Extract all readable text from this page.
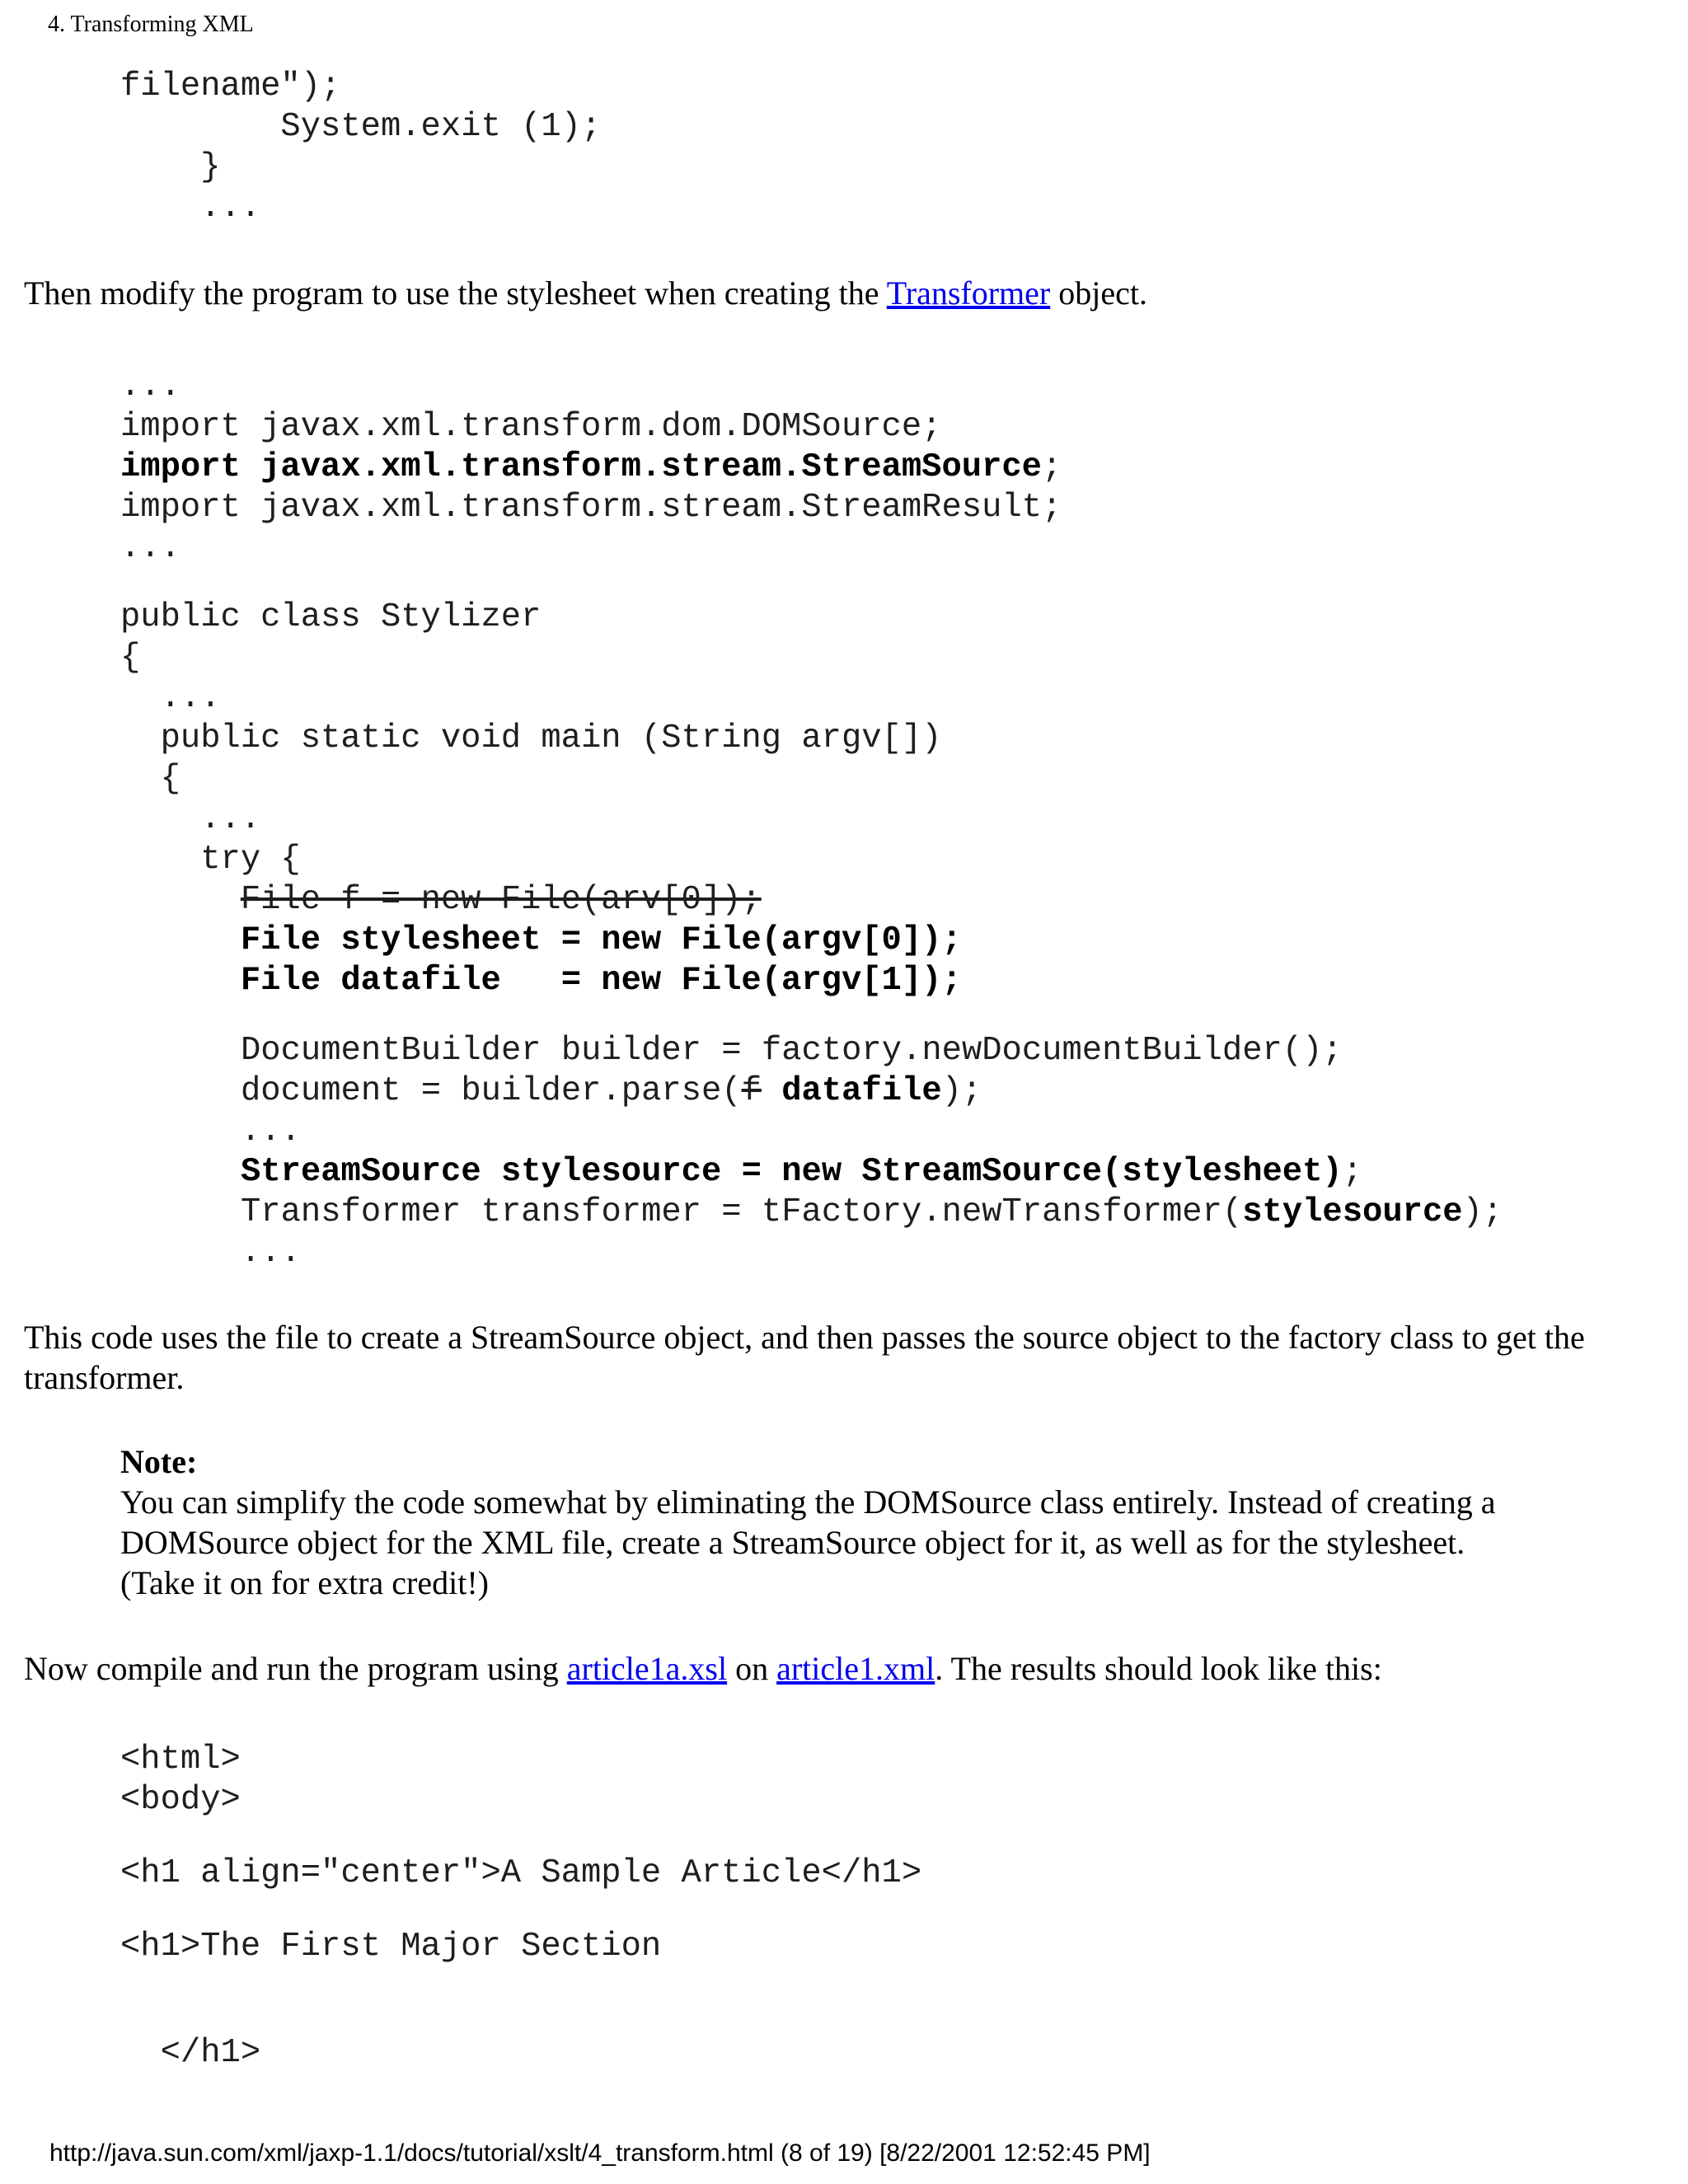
4. Transforming XML
filename");
System.exit (1);
}
...
Then modify the program to use the stylesheet when creating the Transformer object.
...
import javax.xml.transform.dom.DOMSource;
import javax.xml.transform.stream.StreamSource;
import javax.xml.transform.stream.StreamResult;
...
public class Stylizer
{
...
public static void main (String argv[])
{
...
try {
File f = new File(arv[0]);
File stylesheet = new File(argv[0]);
File datafile   = new File(argv[1]);
DocumentBuilder builder = factory.newDocumentBuilder();
document = builder.parse(f datafile);
...
StreamSource stylesource = new StreamSource(stylesheet);
Transformer transformer = tFactory.newTransformer(stylesource);
...
This code uses the file to create a StreamSource object, and then passes the source object to the factory class to get the
transformer.
Note:
You can simplify the code somewhat by eliminating the DOMSource class entirely. Instead of creating a
DOMSource object for the XML file, create a StreamSource object for it, as well as for the stylesheet.
(Take it on for extra credit!)
Now compile and run the program using article1a.xsl on article1.xml. The results should look like this:
<html>
<body>
<h1 align="center">A Sample Article</h1>
<h1>The First Major Section
</h1>
http://java.sun.com/xml/jaxp-1.1/docs/tutorial/xslt/4_transform.html (8 of 19) [8/22/2001 12:52:45 PM]
